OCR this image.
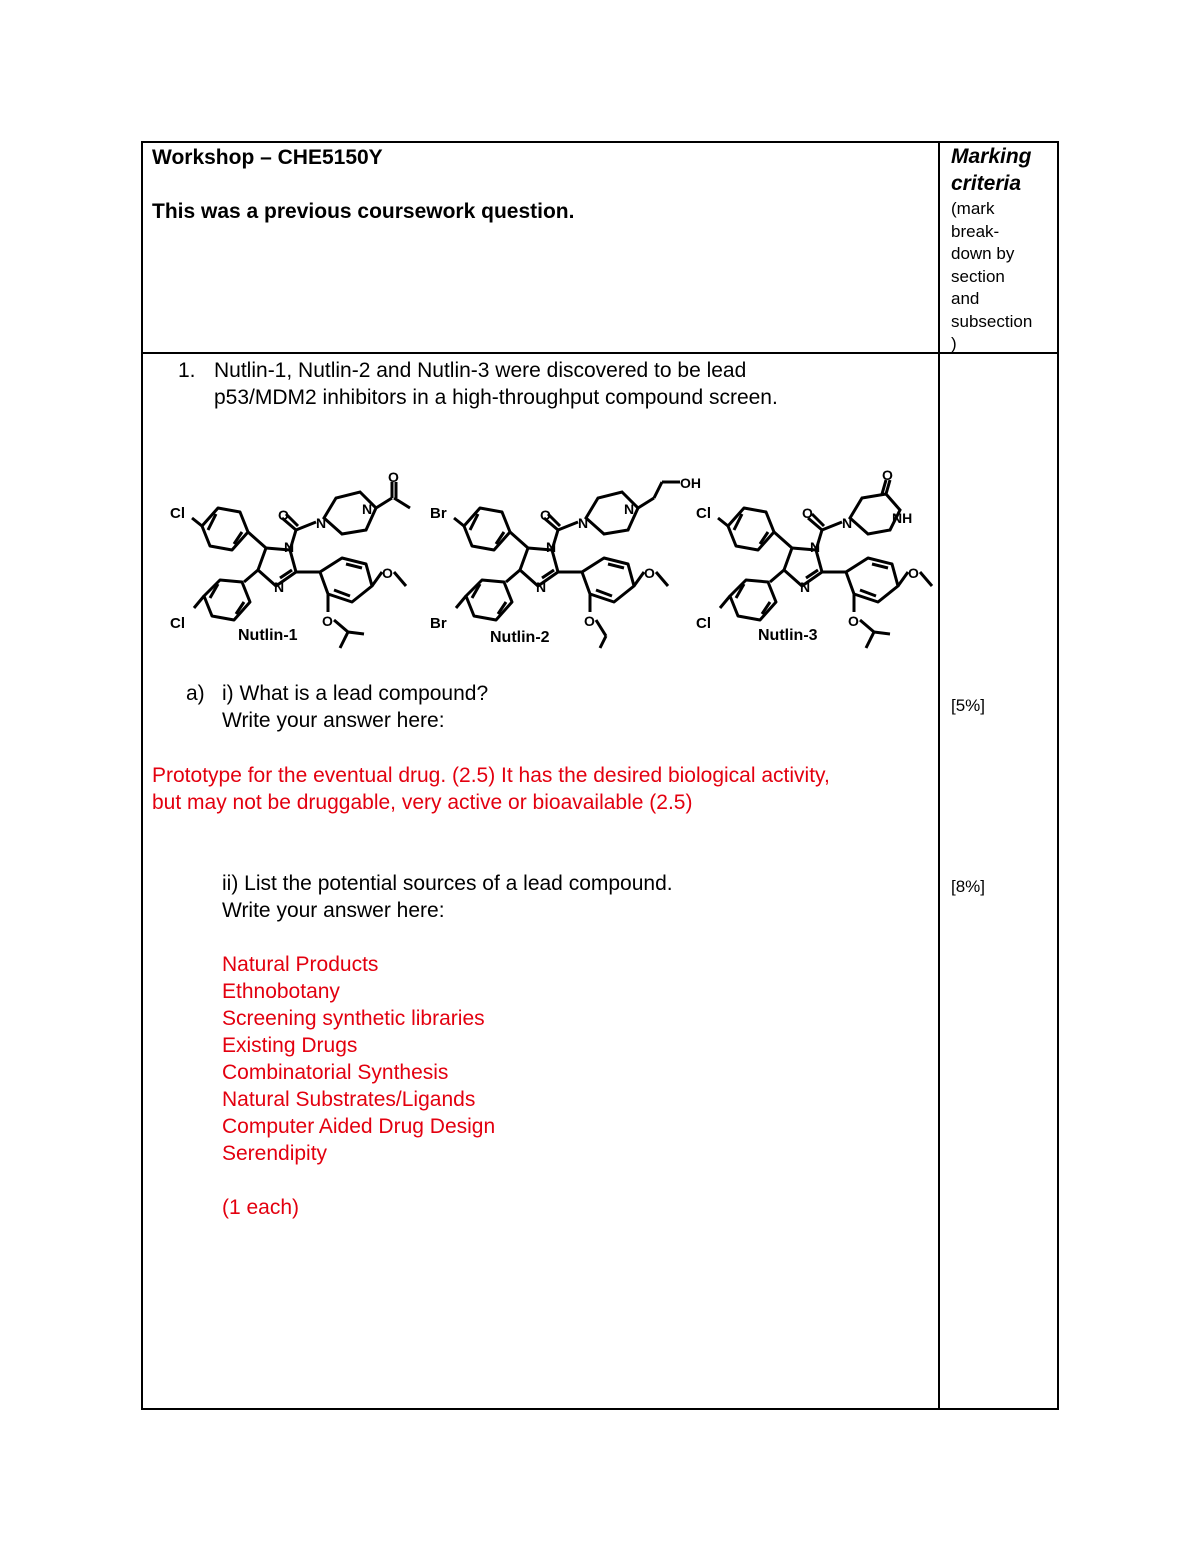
Workshop – CHE5150Y
This was a previous coursework question.
Marking criteria
(mark
break-
down by
section
and
subsection
)
1. Nutlin-1, Nutlin-2 and Nutlin-3 were discovered to be lead
p53/MDM2 inhibitors in a high-throughput compound screen.
Cl
Cl
N
N
O N
N
O
O
O
Nutlin-1
Br
Br
N
N
O N
N
OH
O
O
Nutlin-2
Cl
Cl
N
N
O
N
O
NH
O
O
Nutlin-3
a) i) What is a lead compound?
Write your answer here:
Prototype for the eventual drug. (2.5) It has the desired biological activity,
but may not be druggable, very active or bioavailable (2.5)
[5%]
ii) List the potential sources of a lead compound.
Write your answer here:
Natural Products
Ethnobotany
Screening synthetic libraries
Existing Drugs
Combinatorial Synthesis
Natural Substrates/Ligands
Computer Aided Drug Design
Serendipity
(1 each)
[8%]
